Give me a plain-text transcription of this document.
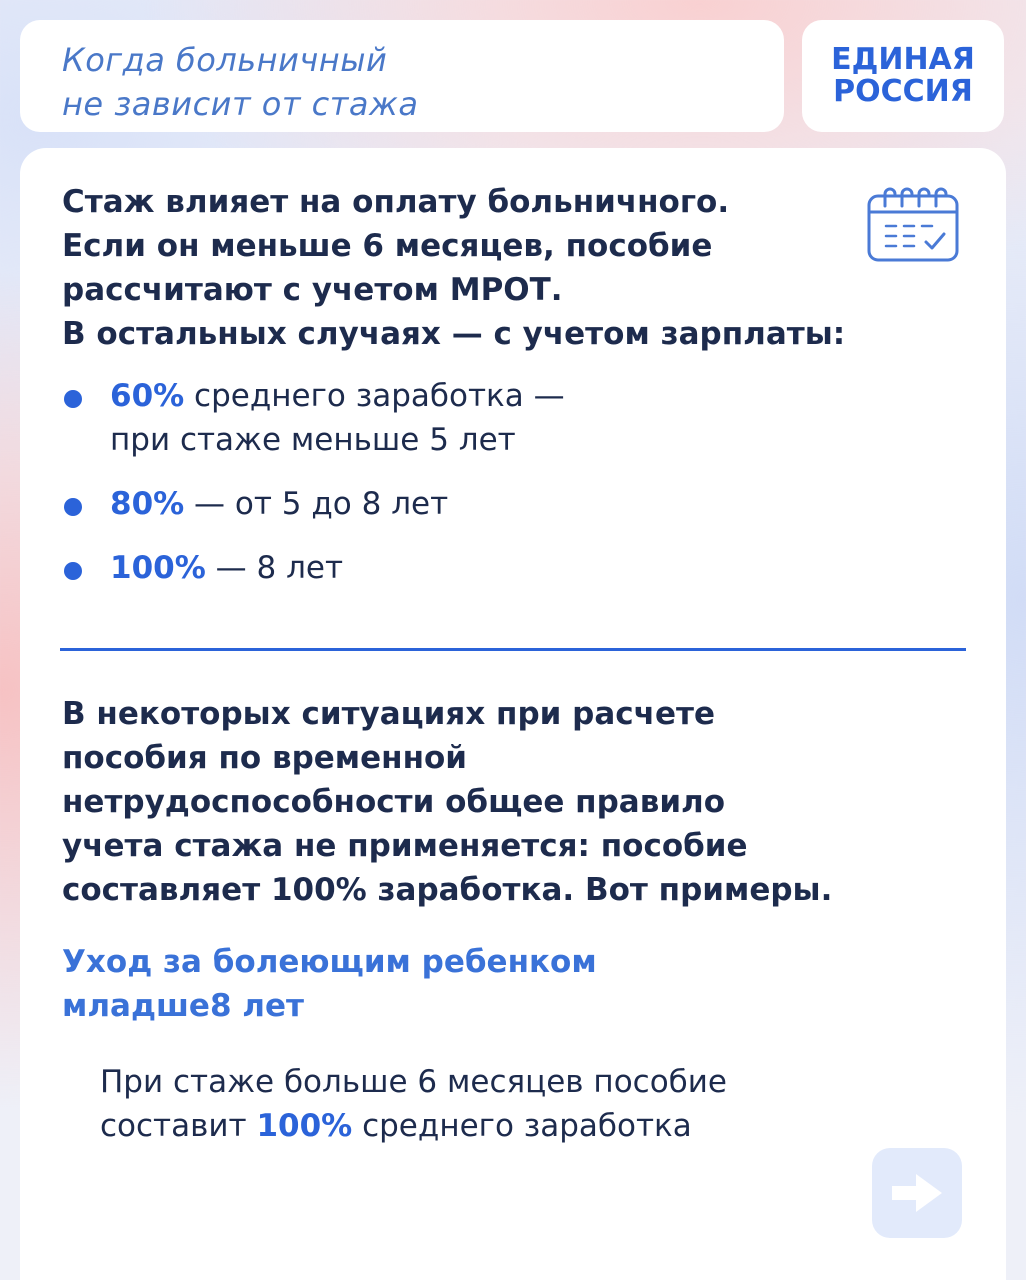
Когда больничный
не зависит от стажа
ЕДИНАЯ
РОССИЯ
Стаж влияет на оплату больничного.
Если он меньше 6 месяцев, пособие
рассчитают с учетом МРОТ.
В остальных случаях — с учетом зарплаты:
60% среднего заработка —
при стаже меньше 5 лет
80% — от 5 до 8 лет
100% — 8 лет
В некоторых ситуациях при расчете
пособия по временной
нетрудоспособности общее правило
учета стажа не применяется: пособие
составляет 100% заработка. Вот примеры.
Уход за болеющим ребенком
младше8 лет
При стаже больше 6 месяцев пособие
составит 100% среднего заработка
